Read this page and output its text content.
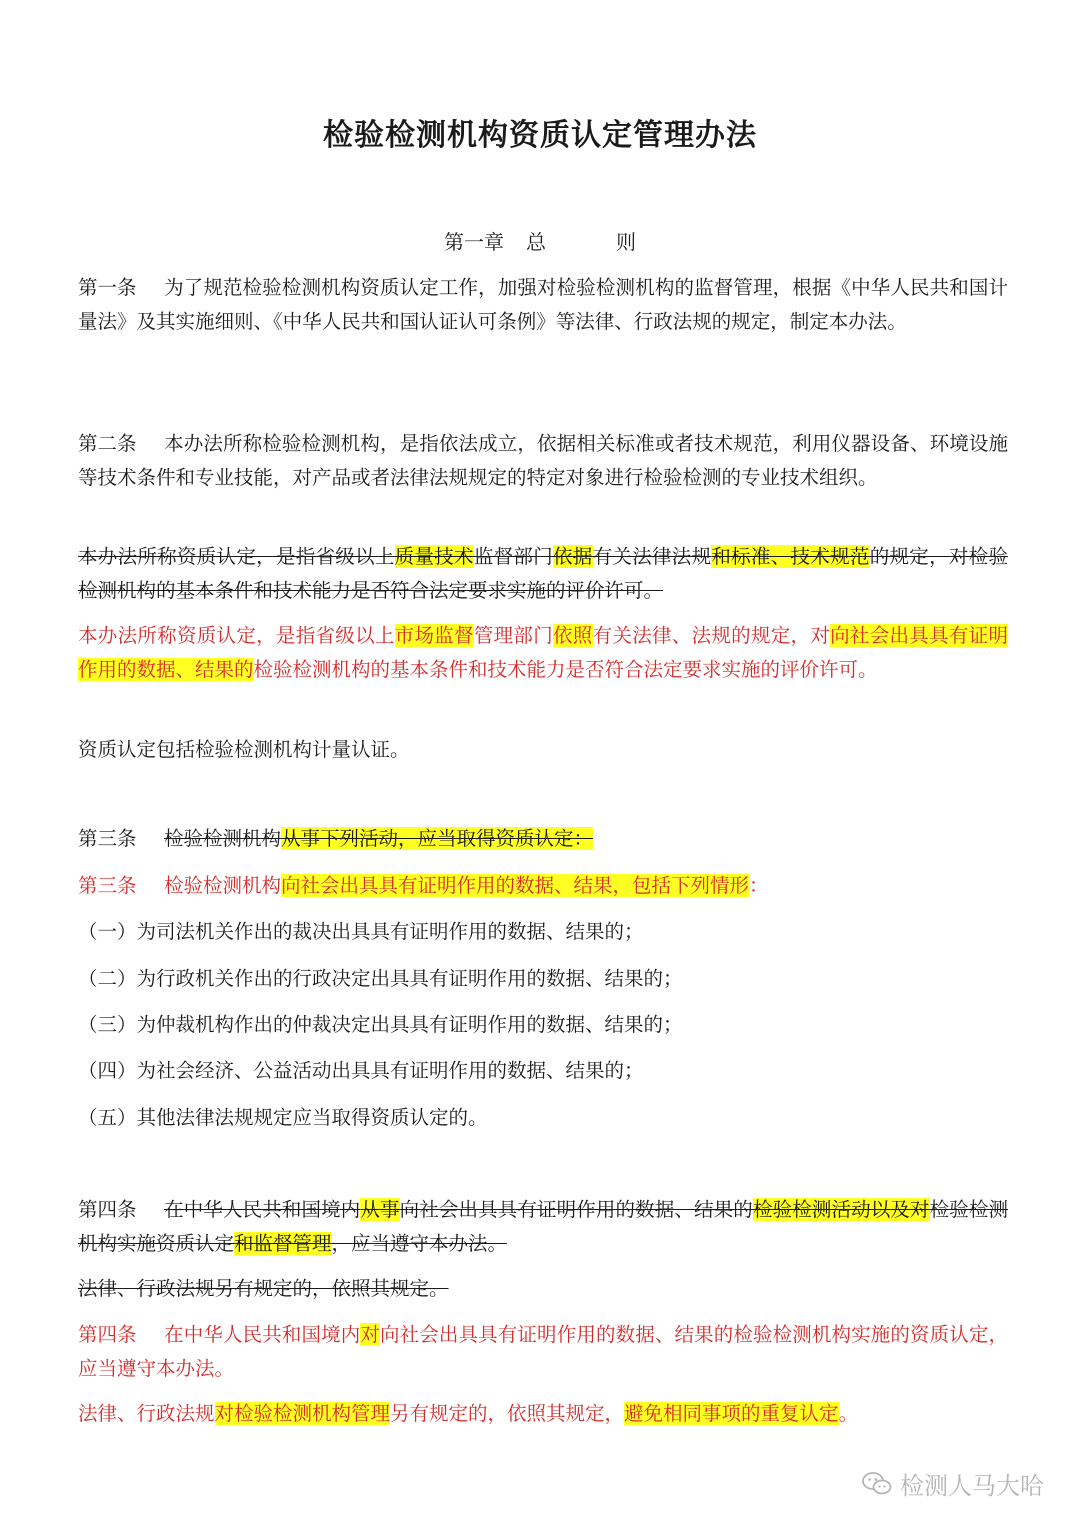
检验检测机构资质认定管理办法
第一章 总	则

第一条 为了规范检验检测机构资质认定工作，加强对检验检测机构的监督管理，根据《中华人民共和国计量法》及其实施细则、《中华人民共和国认证认可条例》等法律、行政法规的规定，制定本办法。

第二条 本办法所称检验检测机构，是指依法成立，依据相关标准或者技术规范，利用仪器设备、环境设施等技术条件和专业技能，对产品或者法律法规规定的特定对象进行检验检测的专业技术组织。

本办法所称资质认定，是指省级以上质量技术监督部门依据有关法律法规和标准、技术规范的规定，对检验检测机构的基本条件和技术能力是否符合法定要求实施的评价许可。

本办法所称资质认定，是指省级以上市场监督管理部门依照有关法律、法规的规定，对向社会出具具有证明作用的数据、结果的检验检测机构的基本条件和技术能力是否符合法定要求实施的评价许可。

资质认定包括检验检测机构计量认证。

第三条 检验检测机构从事下列活动，应当取得资质认定：

第三条 检验检测机构向社会出具具有证明作用的数据、结果，包括下列情形：

（一）为司法机关作出的裁决出具具有证明作用的数据、结果的；

（二）为行政机关作出的行政决定出具具有证明作用的数据、结果的；

（三）为仲裁机构作出的仲裁决定出具具有证明作用的数据、结果的；

（四）为社会经济、公益活动出具具有证明作用的数据、结果的；

（五）其他法律法规规定应当取得资质认定的。

第四条 在中华人民共和国境内从事向社会出具具有证明作用的数据、结果的检验检测活动以及对检验检测机构实施资质认定和监督管理，应当遵守本办法。

法律、行政法规另有规定的，依照其规定。

第四条 在中华人民共和国境内对向社会出具具有证明作用的数据、结果的检验检测机构实施的资质认定，应当遵守本办法。

法律、行政法规对检验检测机构管理另有规定的，依照其规定，避免相同事项的重复认定。

检测人马大哈
